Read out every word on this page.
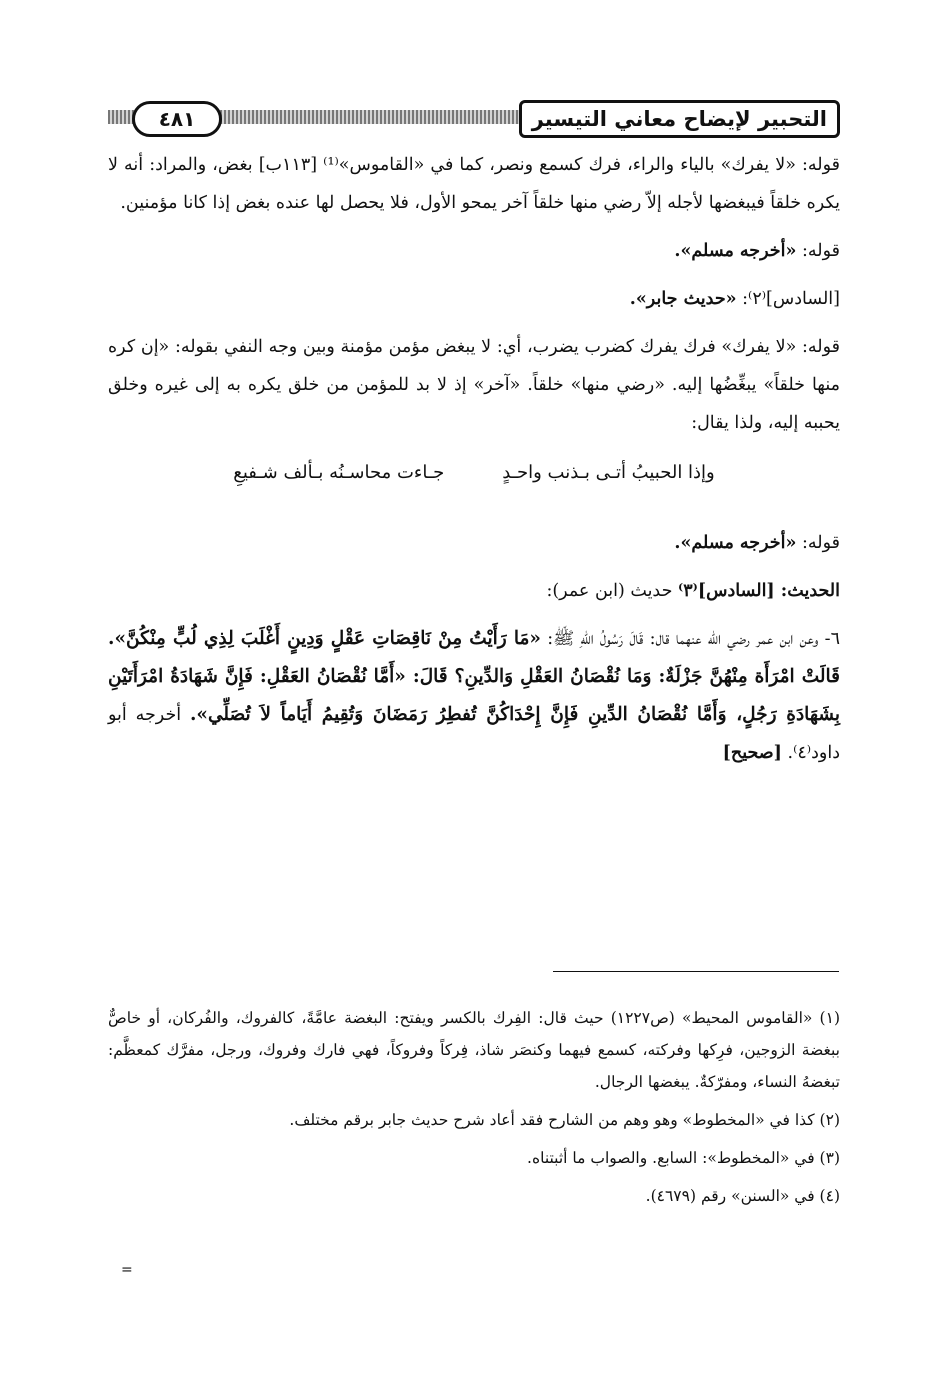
التحبير لإيضاح معاني التيسير
٤٨١

قوله: «لا يفرك» بالياء والراء، فرك كسمع ونصر، كما في «القاموس»⁽¹⁾ [١١٣ب] بغض، والمراد: أنه لا يكره خلقاً فيبغضها لأجله إلاّ رضي منها خلقاً آخر يمحو الأول، فلا يحصل لها عنده بغض إذا كانا مؤمنين.

قوله: «أخرجه مسلم».

[السادس]⁽٢⁾: «حديث جابر».

قوله: «لا يفرك» فرك يفرك كضرب يضرب، أي: لا يبغض مؤمن مؤمنة وبين وجه النفي بقوله: «إن كره منها خلقاً» يبغِّضُها إليه. «رضي منها» خلقاً. «آخر» إذ لا بد للمؤمن من خلق يكره به إلى غيره وخلق يحببه إليه، ولذا يقال:

وإذا الحبيبُ أتـى بـذنب واحـدٍ
جـاءت محاسـنُه بـألف شـفيعِ

قوله: «أخرجه مسلم».

الحديث: [السادس]⁽٣⁾ حديث (ابن عمر):

٦- وعن ابن عمر رضي الله عنهما قال: قَالَ رَسُولُ اللهِ ﷺ: «مَا رَأَيْتُ مِنْ نَاقِصَاتِ عَقْلٍ وَدِينٍ أَغْلَبَ لِذِي لُبٍّ مِنْكُنَّ». قَالَتْ امْرَأَة مِنْهُنَّ جَزْلَةٌ: وَمَا نُقْصَانُ العَقْلِ وَالدِّينِ؟ قَالَ: «أَمَّا نُقْصَانُ العَقْلِ: فَإِنَّ شَهَادَةُ امْرَأَتَيْنِ بِشَهَادَةِ رَجُلٍ، وَأَمَّا نُقْصَانُ الدِّينِ فَإِنَّ إِحْدَاكُنَّ تُفطِرُ رَمَضَانَ وَتُقِيمُ أَيَاماً لاَ تُصَلِّي». أخرجه أبو داود⁽٤⁾. [صحيح]

(١) «القاموس المحيط» (ص١٢٢٧) حيث قال: الفِرك بالكسر ويفتح: البغضة عامَّةً، كالفروك، والفُركان، أو خاصٌّ ببغضة الزوجين، فرِكها وفركته، كسمع فيهما وكنصَر شاذ، فِركاً وفروكاً، فهي فارك وفروك، ورجل، مفرَّك كمعظَّم: تبغضهُ النساء، ومفرّكةٌ. يبغضها الرجال.

(٢) كذا في «المخطوط» وهو وهم من الشارح فقد أعاد شرح حديث جابر برقم مختلف.

(٣) في «المخطوط»: السابع. والصواب ما أثبتناه.

(٤) في «السنن» رقم (٤٦٧٩).

=
